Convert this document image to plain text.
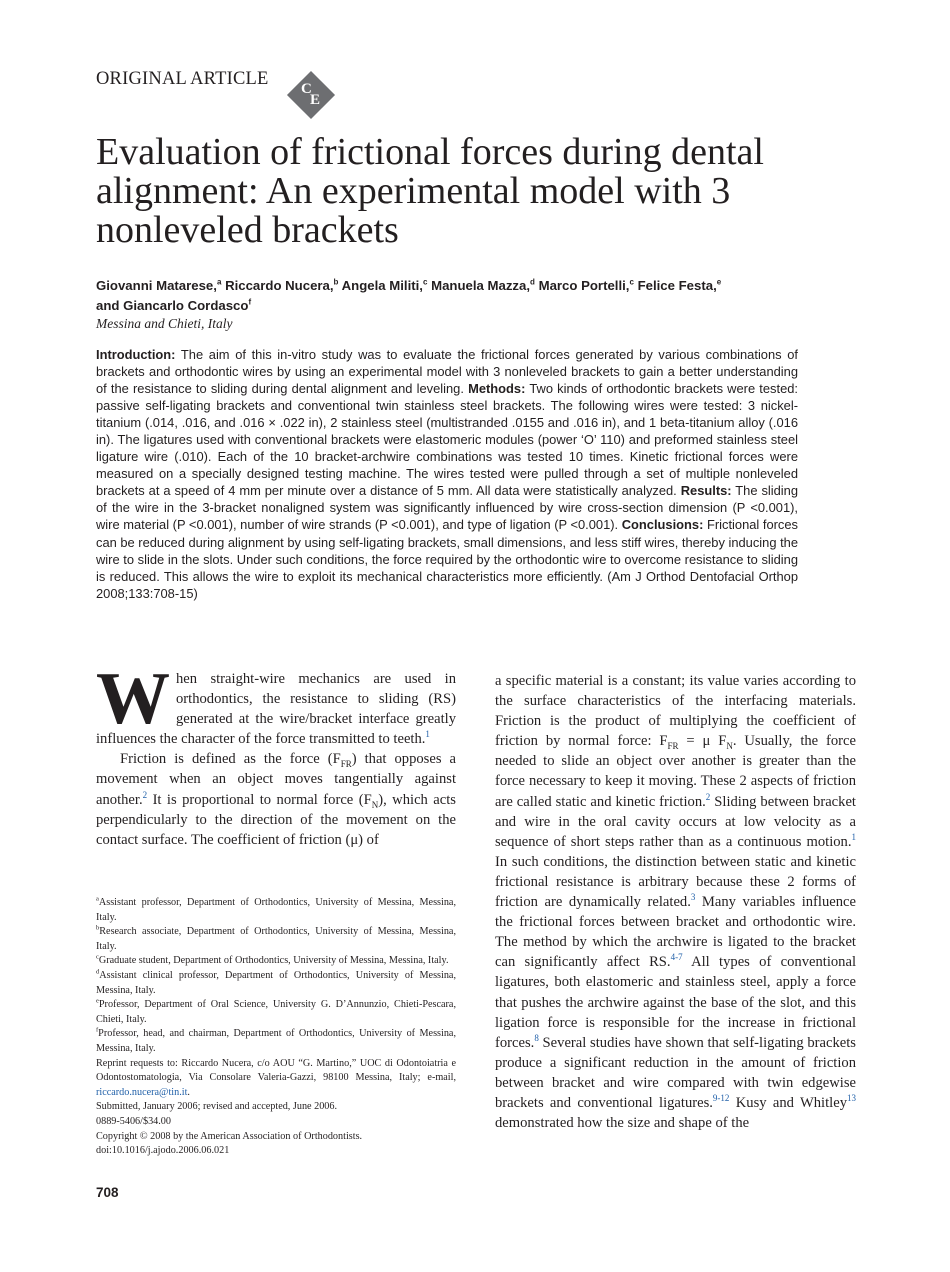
ORIGINAL ARTICLE C
E
Evaluation of frictional forces during dental alignment: An experimental model with 3 nonleveled brackets
Giovanni Matarese,$^a$ Riccardo Nucera,$^b$ Angela Militi,$^c$ Manuela Mazza,$^d$ Marco Portelli,$^c$ Felice Festa,$^e$
and Giancarlo Cordasco$^f$
Messina and Chieti, Italy

Introduction: The aim of this in-vitro study was to evaluate the frictional forces generated by various combinations of brackets and orthodontic wires by using an experimental model with 3 nonleveled brackets to gain a better understanding of the resistance to sliding during dental alignment and leveling. Methods: Two kinds of orthodontic brackets were tested: passive self-ligating brackets and conventional twin stainless steel brackets. The following wires were tested: 3 nickel-titanium (.014, .016, and .016 × .022 in), 2 stainless steel (multistranded .0155 and .016 in), and 1 beta-titanium alloy (.016 in). The ligatures used with conventional brackets were elastomeric modules (power ‘O’ 110) and preformed stainless steel ligature wire (.010). Each of the 10 bracket-archwire combinations was tested 10 times. Kinetic frictional forces were measured on a specially designed testing machine. The wires tested were pulled through a set of multiple nonleveled brackets at a speed of 4 mm per minute over a distance of 5 mm. All data were statistically analyzed. Results: The sliding of the wire in the 3-bracket nonaligned system was significantly influenced by wire cross-section dimension (P <0.001), wire material (P <0.001), number of wire strands (P <0.001), and type of ligation (P <0.001). Conclusions: Frictional forces can be reduced during alignment by using self-ligating brackets, small dimensions, and less stiff wires, thereby inducing the wire to slide in the slots. Under such conditions, the force required by the orthodontic wire to overcome resistance to sliding is reduced. This allows the wire to exploit its mechanical characteristics more efficiently. (Am J Orthod Dentofacial Orthop 2008;133:708-15)

When straight-wire mechanics are used in orthodontics, the resistance to sliding (RS) generated at the wire/bracket interface greatly influences the character of the force transmitted to teeth.$^1$

Friction is defined as the force $(F_{FR})$ that opposes a movement when an object moves tangentially against another.$^2$ It is proportional to normal force $(F_N)$, which acts perpendicularly to the direction of the movement on the contact surface. The coefficient of friction (μ) of

$^a$Assistant professor, Department of Orthodontics, University of Messina, Messina, Italy.

$^b$Research associate, Department of Orthodontics, University of Messina, Messina, Italy.

$^c$Graduate student, Department of Orthodontics, University of Messina, Messina, Italy.

$^d$Assistant clinical professor, Department of Orthodontics, University of Messina, Messina, Italy.

$^e$Professor, Department of Oral Science, University G. D’Annunzio, Chieti-Pescara, Chieti, Italy.

$^f$Professor, head, and chairman, Department of Orthodontics, University of Messina, Messina, Italy.

Reprint requests to: Riccardo Nucera, c/o AOU “G. Martino,” UOC di Odontoiatria e Odontostomatologia, Via Consolare Valeria-Gazzi, 98100 Messina, Italy; e-mail, riccardo.nucera@tin.it.

Submitted, January 2006; revised and accepted, June 2006.

0889-5406/$34.00

Copyright © 2008 by the American Association of Orthodontists.

doi:10.1016/j.ajodo.2006.06.021

a specific material is a constant; its value varies according to the surface characteristics of the interfacing materials. Friction is the product of multiplying the coefficient of friction by normal force: $F_{FR} = \mu$ $F_N$. Usually, the force needed to slide an object over another is greater than the force necessary to keep it moving. These 2 aspects of friction are called static and kinetic friction.$^2$ Sliding between bracket and wire in the oral cavity occurs at low velocity as a sequence of short steps rather than as a continuous motion.$^1$ In such conditions, the distinction between static and kinetic frictional resistance is arbitrary because these 2 forms of friction are dynamically related.$^3$ Many variables influence the frictional forces between bracket and orthodontic wire. The method by which the archwire is ligated to the bracket can significantly affect RS.$^{4-7}$ All types of conventional ligatures, both elastomeric and stainless steel, apply a force that pushes the archwire against the base of the slot, and this ligation force is responsible for the increase in frictional forces.$^8$ Several studies have shown that self-ligating brackets produce a significant reduction in the amount of friction between bracket and wire compared with twin edgewise brackets and conventional ligatures.$^{9-12}$ Kusy and Whitley$^{13}$ demonstrated how the size and shape of the

708
